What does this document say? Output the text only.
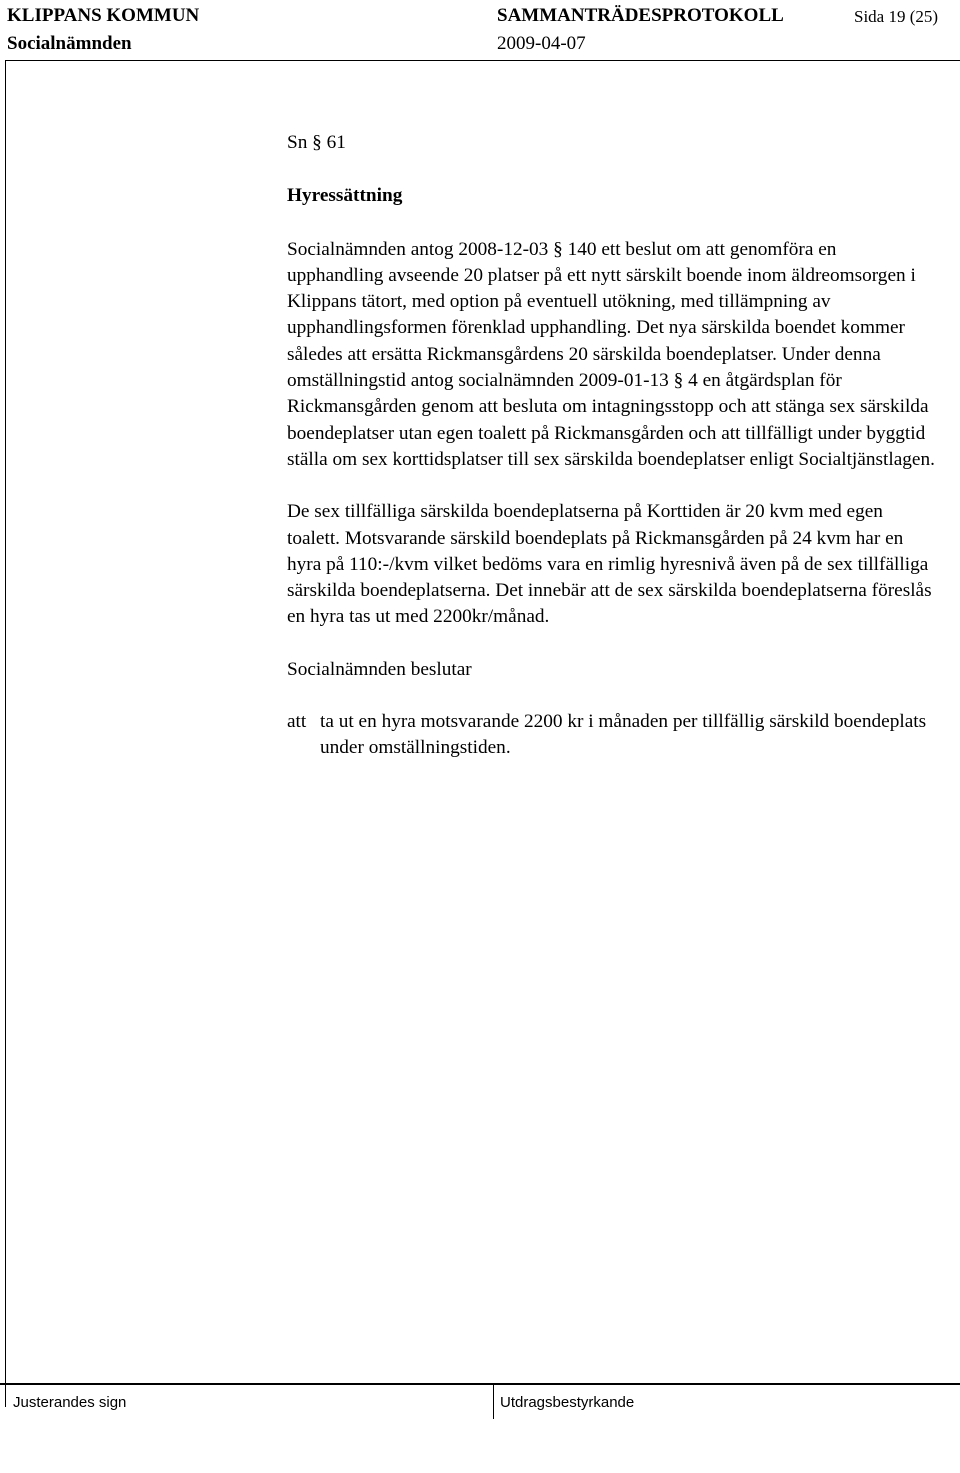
KLIPPANS KOMMUN	SAMMANTRÄDESPROTOKOLL	Sida 19 (25)
Socialnämnden	2009-04-07

Sn § 61

Hyressättning

Socialnämnden antog 2008-12-03 § 140 ett beslut om att genomföra en upphandling avseende 20 platser på ett nytt särskilt boende inom äldreomsorgen i Klippans tätort, med option på eventuell utökning, med tillämpning av upphandlingsformen förenklad upphandling. Det nya särskilda boendet kommer således att ersätta Rickmansgårdens 20 särskilda boendeplatser. Under denna omställningstid antog socialnämnden 2009-01-13 § 4 en åtgärdsplan för Rickmansgården genom att besluta om intagningsstopp och att stänga sex särskilda boendeplatser utan egen toalett på Rickmansgården och att tillfälligt under byggtid ställa om sex korttidsplatser till sex särskilda boendeplatser enligt Socialtjänstlagen.

De sex tillfälliga särskilda boendeplatserna på Korttiden är 20 kvm med egen toalett. Motsvarande särskild boendeplats på Rickmansgården på 24 kvm har en hyra på 110:-/kvm vilket bedöms vara en rimlig hyresnivå även på de sex tillfälliga särskilda boendeplatserna. Det innebär att de sex särskilda boendeplatserna föreslås en hyra tas ut med 2200kr/månad.

Socialnämnden beslutar

att ta ut en hyra motsvarande 2200 kr i månaden per tillfällig särskild boendeplats under omställningstiden.
Justerandes sign	Utdragsbestyrkande
